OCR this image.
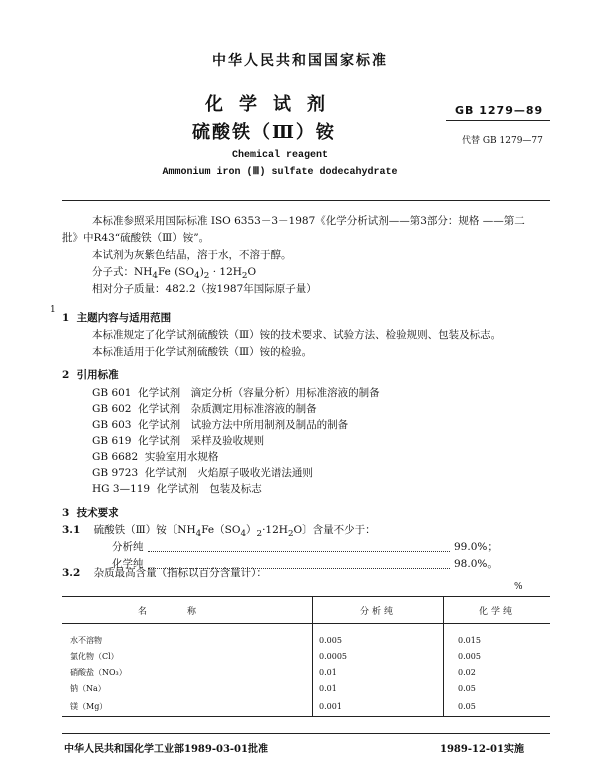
中华人民共和国国家标准
化学试剂
硫酸铁（Ⅲ）铵
GB 1279—89
代替 GB 1279—77
Chemical reagent
Ammonium iron (Ⅲ) sulfate dodecahydrate
本标准参照采用国际标准 ISO 6353－3－1987《化学分析试剂——第3部分：规格 ——第二
批》中R43“硫酸铁（Ⅲ）铵”。
本试剂为灰紫色结晶，溶于水，不溶于醇。
分子式：$NH_4Fe$ $(SO_4)_2 \cdot 12H_2O$
相对分子质量：482.2（按1987年国际原子量）
1
1 主题内容与适用范围
本标准规定了化学试剂硫酸铁（Ⅲ）铵的技术要求、试验方法、检验规则、包装及标志。
本标准适用于化学试剂硫酸铁（Ⅲ）铵的检验。
2 引用标准
GB 601 化学试剂　滴定分析（容量分析）用标准溶液的制备
GB 602 化学试剂　杂质测定用标准溶液的制备
GB 603 化学试剂　试验方法中所用制剂及制品的制备
GB 619 化学试剂　采样及验收规则
GB 6682 实验室用水规格
GB 9723 化学试剂　火焰原子吸收光谱法通则
HG 3—119 化学试剂　包装及标志
3 技术要求
3.1 硫酸铁（Ⅲ）铵〔$NH_4Fe(SO_4)_2\cdot 12H_2O$〕含量不少于：
分析纯	99.0%；
化学纯	98.0%。
3.2 杂质最高含量（指标以百分含量计）：
%
名称	分析纯	化学纯
水不溶物	0.005	0.015
氯化物（Cl）	0.0005	0.005
硝酸盐（NO₃）	0.01	0.02
钠（Na）	0.01	0.05
镁（Mg）	0.001	0.05
中华人民共和国化学工业部1989-03-01批准	1989-12-01实施
